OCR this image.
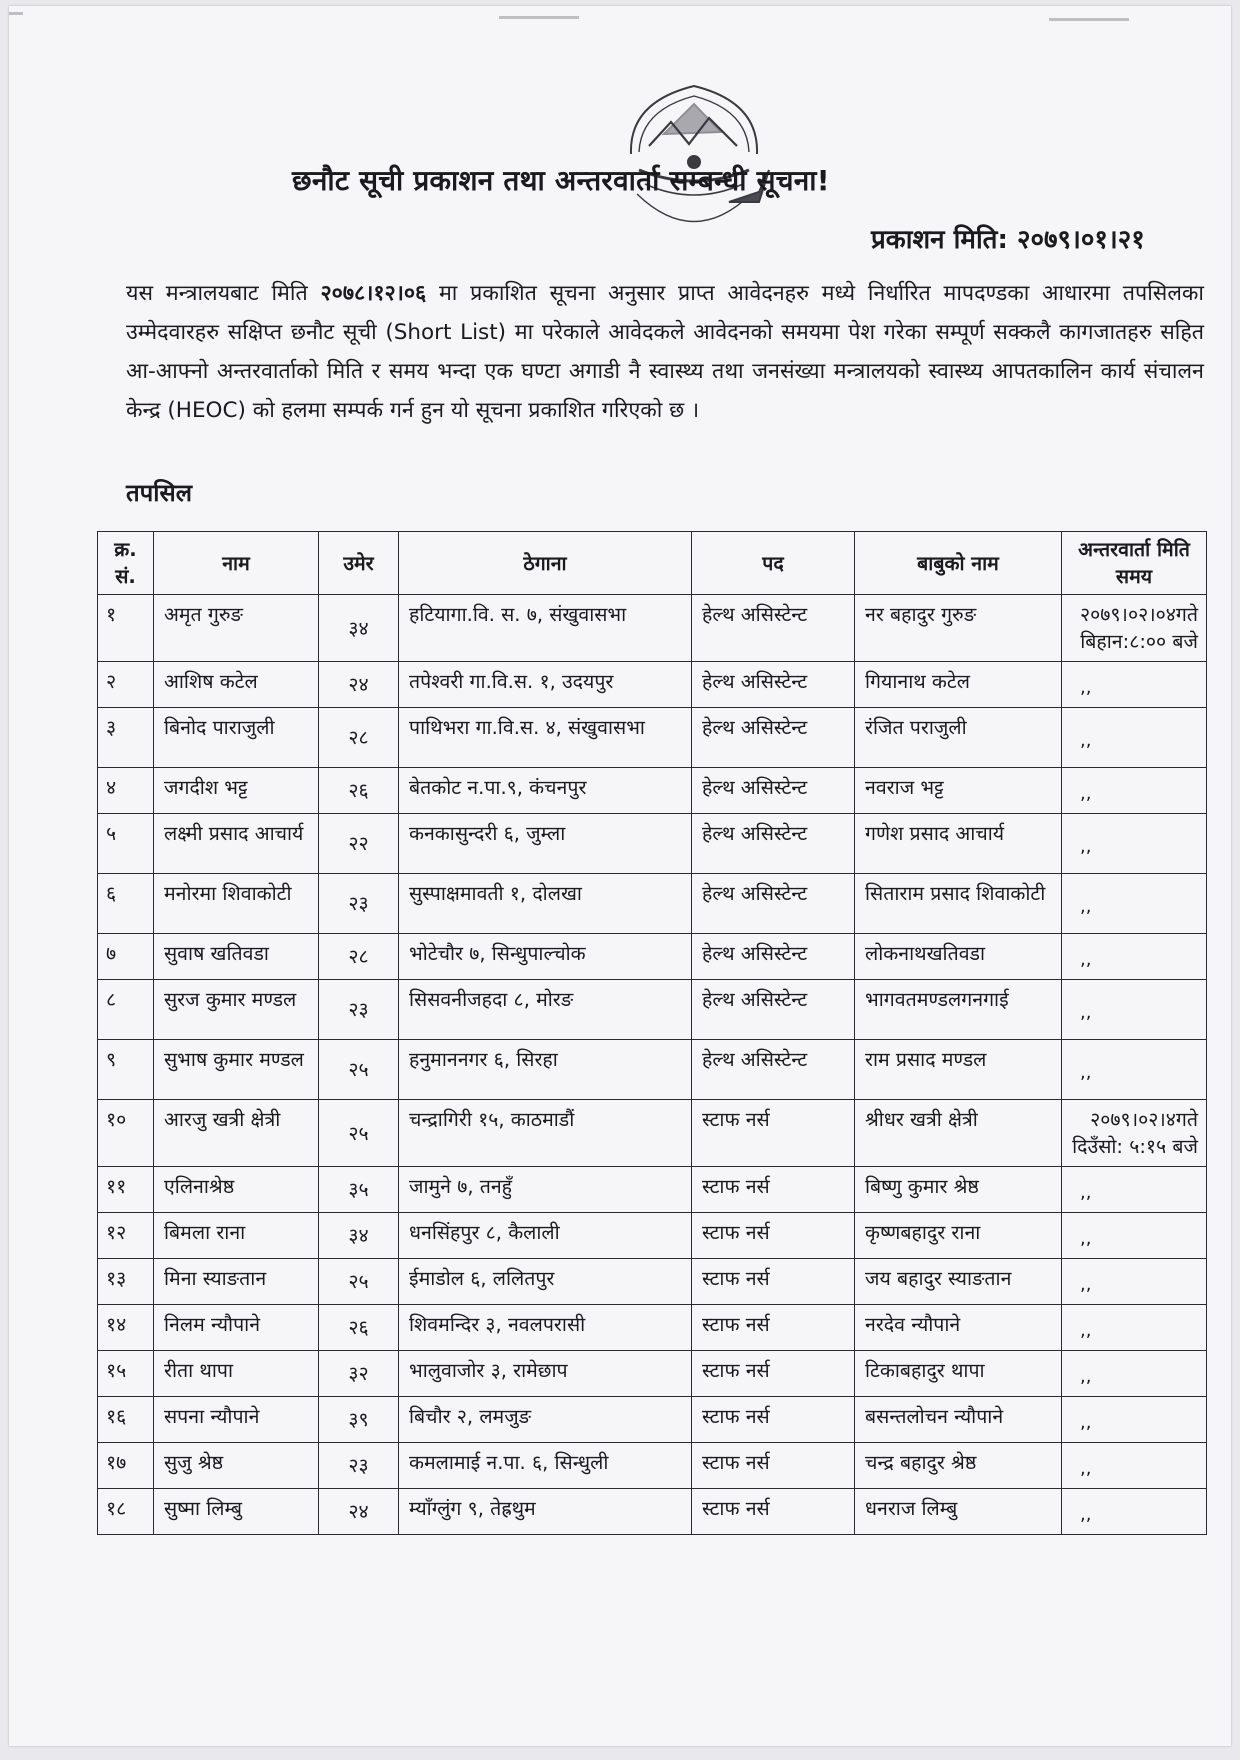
छनौट सूची प्रकाशन तथा अन्तरवार्ता सम्बन्धी सूचना!
प्रकाशन मिति: २०७९।०१।२१
यस मन्त्रालयबाट मिति २०७८।१२।०६ मा प्रकाशित सूचना अनुसार प्राप्त आवेदनहरु मध्ये निर्धारित मापदण्डका आधारमा तपसिलका उम्मेदवारहरु सक्षिप्त छनौट सूची (Short List) मा परेकाले आवेदकले आवेदनको समयमा पेश गरेका सम्पूर्ण सक्कलै कागजातहरु सहित आ-आफ्नो अन्तरवार्ताको मिति र समय भन्दा एक घण्टा अगाडी नै स्वास्थ्य तथा जनसंख्या मन्त्रालयको स्वास्थ्य आपतकालिन कार्य संचालन केन्द्र (HEOC) को हलमा सम्पर्क गर्न हुन यो सूचना प्रकाशित गरिएको छ ।
तपसिल
क्र. सं.	नाम	उमेर	ठेगाना	पद	बाबुको नाम	अन्तरवार्ता मिति समय
१	अमृत गुरुङ	३४	हटियागा.वि. स. ७, संखुवासभा	हेल्थ असिस्टेन्ट	नर बहादुर गुरुङ	२०७९।०२।०४गते बिहान:८:०० बजे
२	आशिष कटेल	२४	तपेश्वरी गा.वि.स. १, उदयपुर	हेल्थ असिस्टेन्ट	गियानाथ कटेल	,,
३	बिनोद पाराजुली	२८	पाथिभरा गा.वि.स. ४, संखुवासभा	हेल्थ असिस्टेन्ट	रंजित पराजुली	,,
४	जगदीश भट्ट	२६	बेतकोट न.पा.९, कंचनपुर	हेल्थ असिस्टेन्ट	नवराज भट्ट	,,
५	लक्ष्मी प्रसाद आचार्य	२२	कनकासुन्दरी ६, जुम्ला	हेल्थ असिस्टेन्ट	गणेश प्रसाद आचार्य	,,
६	मनोरमा शिवाकोटी	२३	सुस्पाक्षमावती १, दोलखा	हेल्थ असिस्टेन्ट	सिताराम प्रसाद शिवाकोटी	,,
७	सुवाष खतिवडा	२८	भोटेचौर ७, सिन्धुपाल्चोक	हेल्थ असिस्टेन्ट	लोकनाथखतिवडा	,,
८	सुरज कुमार मण्डल	२३	सिसवनीजहदा ८, मोरङ	हेल्थ असिस्टेन्ट	भागवतमण्डलगनगाई	,,
९	सुभाष कुमार मण्डल	२५	हनुमाननगर ६, सिरहा	हेल्थ असिस्टेन्ट	राम प्रसाद मण्डल	,,
१०	आरजु खत्री क्षेत्री	२५	चन्द्रागिरी १५, काठमाडौं	स्टाफ नर्स	श्रीधर खत्री क्षेत्री	२०७९।०२।४गते दिउँसो: ५:१५ बजे
११	एलिनाश्रेष्ठ	३५	जामुने ७, तनहुँ	स्टाफ नर्स	बिष्णु कुमार श्रेष्ठ	,,
१२	बिमला राना	३४	धनसिंहपुर ८, कैलाली	स्टाफ नर्स	कृष्णबहादुर राना	,,
१३	मिना स्याङतान	२५	ईमाडोल ६, ललितपुर	स्टाफ नर्स	जय बहादुर स्याङतान	,,
१४	निलम न्यौपाने	२६	शिवमन्दिर ३, नवलपरासी	स्टाफ नर्स	नरदेव न्यौपाने	,,
१५	रीता थापा	३२	भालुवाजोर ३, रामेछाप	स्टाफ नर्स	टिकाबहादुर थापा	,,
१६	सपना न्यौपाने	३९	बिचौर २, लमजुङ	स्टाफ नर्स	बसन्तलोचन न्यौपाने	,,
१७	सुजु श्रेष्ठ	२३	कमलामाई न.पा. ६, सिन्धुली	स्टाफ नर्स	चन्द्र बहादुर श्रेष्ठ	,,
१८	सुष्मा लिम्बु	२४	म्याँग्लुंग ९, तेह्रथुम	स्टाफ नर्स	धनराज लिम्बु	,,
